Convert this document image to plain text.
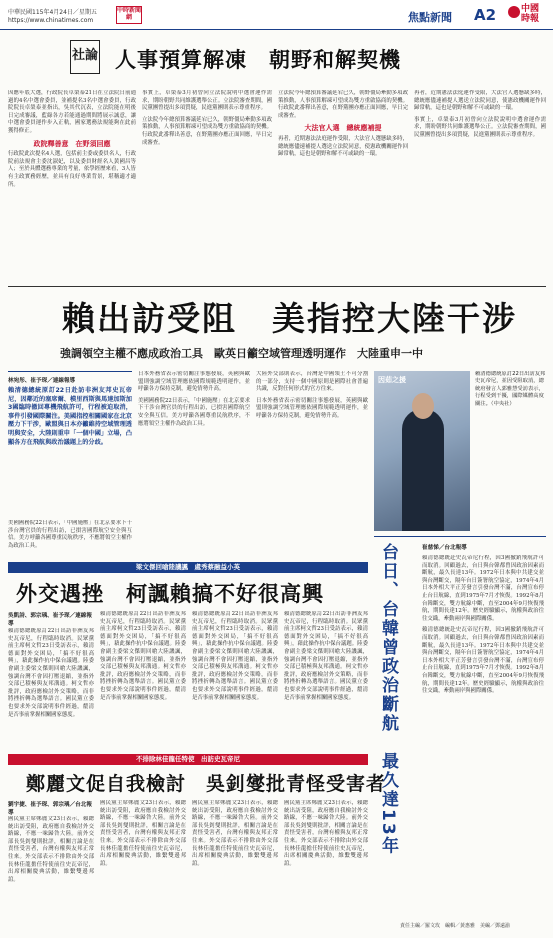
中華民國115年4月24日／星期五
https://www.chinatimes.com
中時新聞網	焦點新聞 A2	中國時報
社論 人事預算解凍　朝野和解契機

因應年底大選，行政院長卓榮泰21日在立法院日前通過的4名中選會委員，並補提名3名中選會委員，行政院院長卓榮泰並指出，吳其代沉表，立法院能在明後日完成審議，藍綠各方若能通過期間將展示誠意，讓中選會委員運作步入正軌，國家選務法規能夠在此前獲得修正。

政院釋善意　在野須回應

行政院此次提名4人選，包括前主委或委員名人，行政院前法規會主委沈淑妃，以及委員財經名人黃國昌等人；至於具體選務專業的考量，依學經歷來看，3人皆有主政實務經歷，並具有良好專業背景，堪稱適才適所。

事實上，卓榮泰3月初曾向立法院說明中選會運作需求，期盼朝野共同維護選舉公正。立法院審查期間，國民黨團曾提出多項質疑，民進黨團則表示尊重程序。

立法院今年總預算審議延宕已久，朝野僵局牽動多項政策推動，人事預算解凍可望成為雙方重啟協商的契機。行政院此番釋出善意，在野黨團亦應正面回應，早日完成審查。

立法院今年總預算審議延宕已久，朝野僵局牽動多項政策推動，人事預算解凍可望成為雙方重啟協商的契機。行政院此番釋出善意，在野黨團亦應正面回應，早日完成審查。

大法官人選　總統應補提

再者，近期憲法法庭運作受限，大法官人選懸缺多時，總統應儘速補提人選送立法院同意，使憲政機關運作回歸常軌，這也是朝野和解不可或缺的一環。

再者，近期憲法法庭運作受限，大法官人選懸缺多時，總統應儘速補提人選送立法院同意，使憲政機關運作回歸常軌，這也是朝野和解不可或缺的一環。

事實上，卓榮泰3月初曾向立法院說明中選會運作需求，期盼朝野共同維護選舉公正。立法院審查期間，國民黨團曾提出多項質疑，民進黨團則表示尊重程序。

賴出訪受阻　美指控大陸干涉
強調領空主權不應成政治工具　歐英日籲空域管理透明運作　大陸重申一中
林宛彤、崔予琛／連線報導
賴清德總統原訂22日赴訪非洲友邦史瓦帝尼，因鄰近的塞席爾、模里西斯與馬達加斯加3國臨時撤回專機飛航許可，行程被迫取消，事件引發國際關注。美國指控相關國家在北京壓力下干涉，歐盟與日本亦籲維持空域管理透明與安全，大陸則重申「一個中國」立場，凸顯各方在飛航與政治議題上的分歧。

美國國務院22日表示，「中國施壓」在北京要求下干涉台灣官員的行程出訪，已損害國際航空安全與互信。美方呼籲各國尊重民航秩序，不應將領空主權作為政治工具。

日本外務省表示密切關注事態發展，英國與歐盟則強調空域管理應依國際規範透明運作，並呼籲各方保持克制，避免情勢升高。

美國國務院22日表示，「中國施壓」在北京要求下干涉台灣官員的行程出訪，已損害國際航空安全與互信。美方呼籲各國尊重民航秩序，不應將領空主權作為政治工具。

大陸外交部則表示，台灣是中國領土不可分割的一部分，支持一個中國原則是國際社會普遍共識，反對任何形式的官方往來。

日本外務省表示密切關注事態發展，英國與歐盟則強調空域管理應依國際規範透明運作，並呼籲各方保持克制，避免情勢升高。

因茹之援
賴清德總統原訂22日出訪友邦史瓦帝尼，並因受阻取消，總統府發言人郭雅慧受訪表示，行程受到干擾，國際媒體高度關注。（中央社）
梁文傑回嗆陸譏諷　處秀蔡融益小英
外交遇挫　柯諷賴搞不好很高興
吳凱詩、郭宗瑀、崔予琛／連線報導

賴清德總統原訂22日出訪非洲友邦史瓦帝尼，行程臨時取消。民眾黨前主席柯文哲23日受訪表示，賴清德面對外交困局，「搞不好很高興」，藉此操作抗中保台議題。陸委會副主委梁文傑則回嗆大陸譏諷，強調台灣不會因打壓退縮，並指外交部已積極與友邦溝通。柯文哲亦批評，政府應檢討外交策略，而非將挫折轉為選舉語言。國民黨立委也要求外交部說明事件經過，釐清是否事前掌握相關國家態度。

賴清德總統原訂22日出訪非洲友邦史瓦帝尼，行程臨時取消。民眾黨前主席柯文哲23日受訪表示，賴清德面對外交困局，「搞不好很高興」，藉此操作抗中保台議題。陸委會副主委梁文傑則回嗆大陸譏諷，強調台灣不會因打壓退縮，並指外交部已積極與友邦溝通。柯文哲亦批評，政府應檢討外交策略，而非將挫折轉為選舉語言。國民黨立委也要求外交部說明事件經過，釐清是否事前掌握相關國家態度。

賴清德總統原訂22日出訪非洲友邦史瓦帝尼，行程臨時取消。民眾黨前主席柯文哲23日受訪表示，賴清德面對外交困局，「搞不好很高興」，藉此操作抗中保台議題。陸委會副主委梁文傑則回嗆大陸譏諷，強調台灣不會因打壓退縮，並指外交部已積極與友邦溝通。柯文哲亦批評，政府應檢討外交策略，而非將挫折轉為選舉語言。國民黨立委也要求外交部說明事件經過，釐清是否事前掌握相關國家態度。

賴清德總統原訂22日出訪非洲友邦史瓦帝尼，行程臨時取消。民眾黨前主席柯文哲23日受訪表示，賴清德面對外交困局，「搞不好很高興」，藉此操作抗中保台議題。陸委會副主委梁文傑則回嗆大陸譏諷，強調台灣不會因打壓退縮，並指外交部已積極與友邦溝通。柯文哲亦批評，政府應檢討外交策略，而非將挫折轉為選舉語言。國民黨立委也要求外交部說明事件經過，釐清是否事前掌握相關國家態度。

不排除林佳龍任特使　出訪史瓦帝尼
鄭麗文促自我檢討　吳釗燮批青怪受害者
劉宇捷、崔予琛、郭宗瑀／台北報導

國民黨主席鄭麗文23日表示，賴總統出訪受阻，政府應自我檢討外交路線，不應一味歸咎大陸。前外交部長吳釗燮則批評，相關言論是在責怪受害者，台灣有權與友邦正常往來。外交部表示不排除由外交部長林佳龍擔任特使前往史瓦帝尼，出席相關慶典活動，維繫雙邊邦誼。

國民黨主席鄭麗文23日表示，賴總統出訪受阻，政府應自我檢討外交路線，不應一味歸咎大陸。前外交部長吳釗燮則批評，相關言論是在責怪受害者，台灣有權與友邦正常往來。外交部表示不排除由外交部長林佳龍擔任特使前往史瓦帝尼，出席相關慶典活動，維繫雙邊邦誼。

國民黨主席鄭麗文23日表示，賴總統出訪受阻，政府應自我檢討外交路線，不應一味歸咎大陸。前外交部長吳釗燮則批評，相關言論是在責怪受害者，台灣有權與友邦正常往來。外交部表示不排除由外交部長林佳龍擔任特使前往史瓦帝尼，出席相關慶典活動，維繫雙邊邦誼。

國民黨主席鄭麗文23日表示，賴總統出訪受阻，政府應自我檢討外交路線，不應一味歸咎大陸。前外交部長吳釗燮則批評，相關言論是在責怪受害者，台灣有權與友邦正常往來。外交部表示不排除由外交部長林佳龍擔任特使前往史瓦帝尼，出席相關慶典活動，維繫雙邊邦誼。

台日、台韓曾政治斷航　最久達13年	崔慈悌／台北報導

賴清德總統赴史瓦帝尼行程，因3國撤銷飛航許可而取消。回顧過去，台日與台韓都曾因政治因素而斷航，最久長達13年。1972年日本與中共建交並與台灣斷交，隔年台日簽署航空協定，1974年4月日本外相大平正芳發言引發台灣不滿，台灣宣布停止台日航線，直到1975年7月才恢復。1992年8月台韓斷交，雙方航線中斷，直至2004年9月恢復飛航，期間長達12年。歷史經驗顯示，航權與政治往往交織，牽動兩岸與國際關係。

賴清德總統赴史瓦帝尼行程，因3國撤銷飛航許可而取消。回顧過去，台日與台韓都曾因政治因素而斷航，最久長達13年。1972年日本與中共建交並與台灣斷交，隔年台日簽署航空協定，1974年4月日本外相大平正芳發言引發台灣不滿，台灣宣布停止台日航線，直到1975年7月才恢復。1992年8月台韓斷交，雙方航線中斷，直至2004年9月恢復飛航，期間長達12年。歷史經驗顯示，航權與政治往往交織，牽動兩岸與國際關係。

責任主編／羅文玫　編輯／黃惠雅　美編／鄧遠渝
